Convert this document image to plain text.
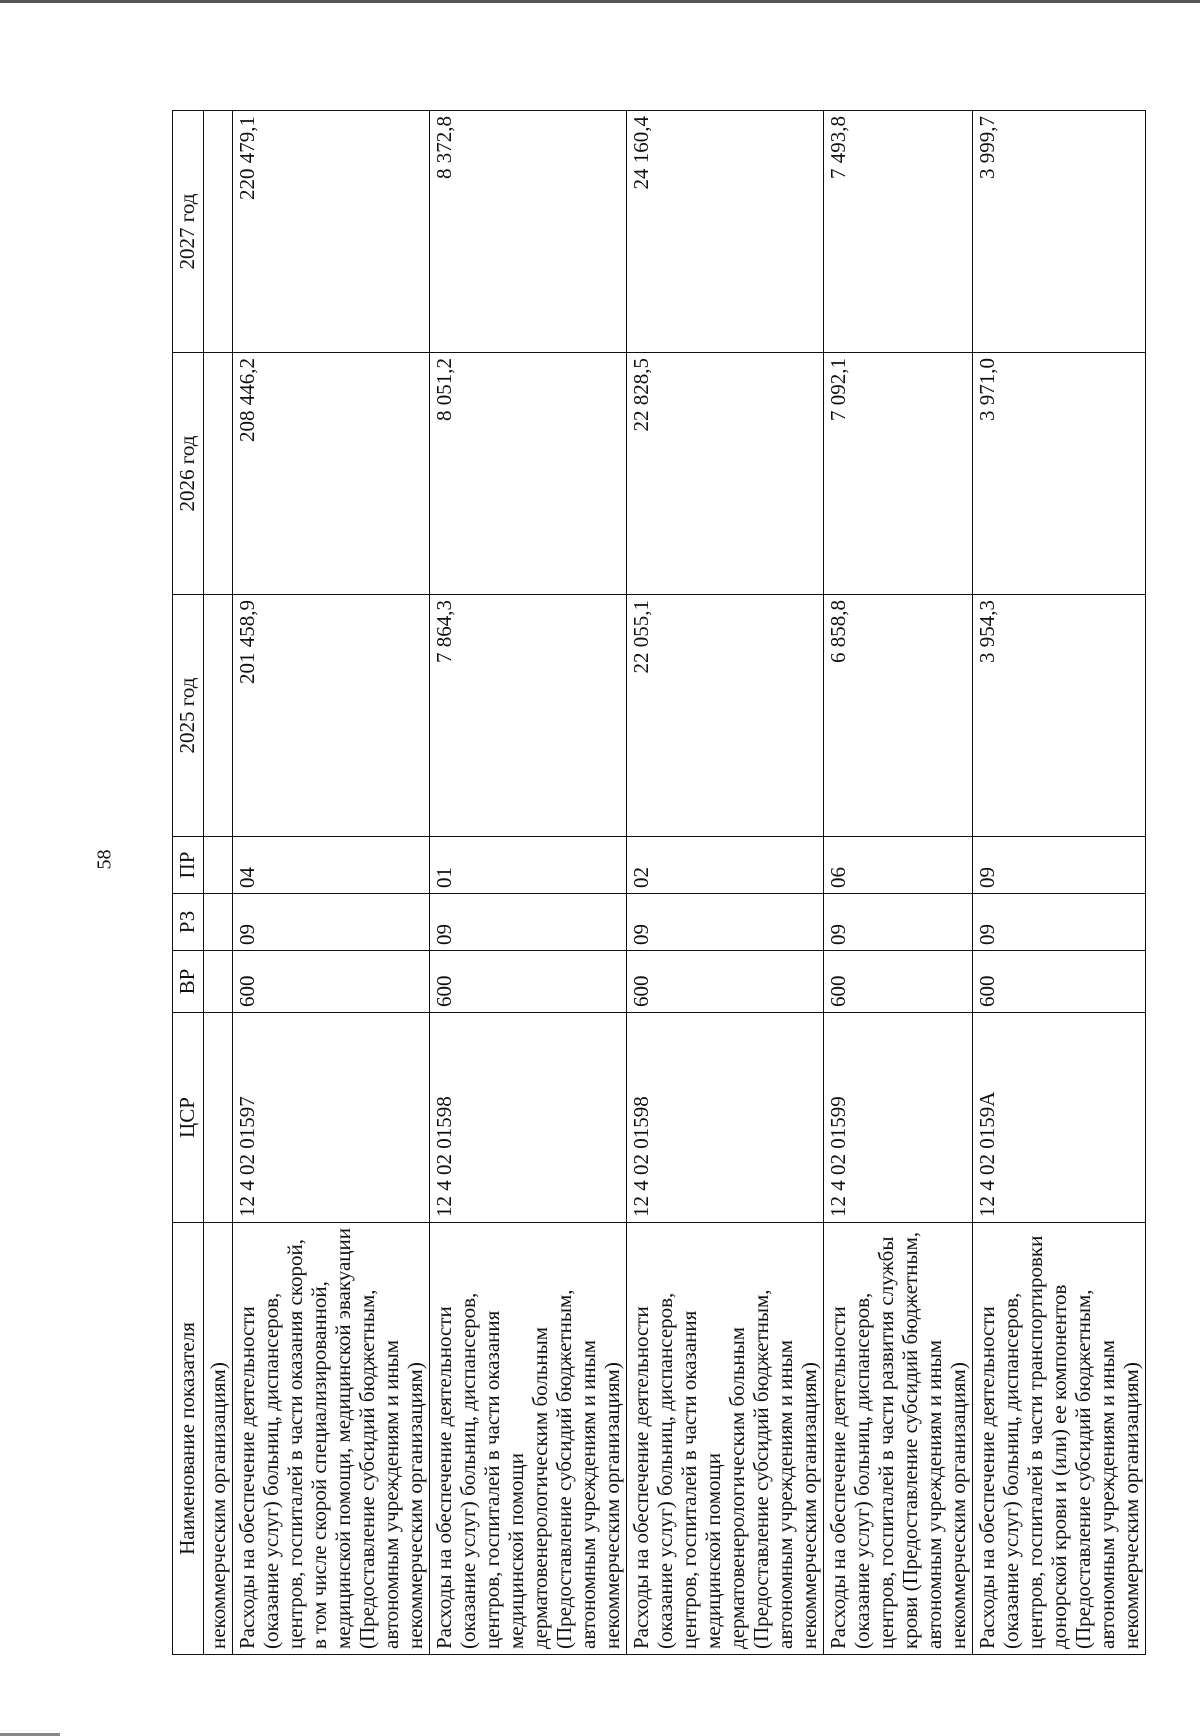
58
Наименование показателя	ЦСР	ВР	РЗ	ПР	2025 год	2026 год	2027 год
некоммерческим организациям)							
Расходы на обеспечение деятельности (оказание услуг) больниц, диспансеров, центров, госпиталей в части оказания скорой, в том числе скорой специализированной, медицинской помощи, медицинской эвакуации (Предоставление субсидий бюджетным, автономным учреждениям и иным некоммерческим организациям)	12 4 02 01597	600	09	04	201 458,9	208 446,2	220 479,1
Расходы на обеспечение деятельности (оказание услуг) больниц, диспансеров, центров, госпиталей в части оказания медицинской помощи дерматовенерологическим больным (Предоставление субсидий бюджетным, автономным учреждениям и иным некоммерческим организациям)	12 4 02 01598	600	09	01	7 864,3	8 051,2	8 372,8
Расходы на обеспечение деятельности (оказание услуг) больниц, диспансеров, центров, госпиталей в части оказания медицинской помощи дерматовенерологическим больным (Предоставление субсидий бюджетным, автономным учреждениям и иным некоммерческим организациям)	12 4 02 01598	600	09	02	22 055,1	22 828,5	24 160,4
Расходы на обеспечение деятельности (оказание услуг) больниц, диспансеров, центров, госпиталей в части развития службы крови (Предоставление субсидий бюджетным, автономным учреждениям и иным некоммерческим организациям)	12 4 02 01599	600	09	06	6 858,8	7 092,1	7 493,8
Расходы на обеспечение деятельности (оказание услуг) больниц, диспансеров, центров, госпиталей в части транспортировки донорской крови и (или) ее компонентов (Предоставление субсидий бюджетным, автономным учреждениям и иным некоммерческим организациям)	12 4 02 0159А	600	09	09	3 954,3	3 971,0	3 999,7
